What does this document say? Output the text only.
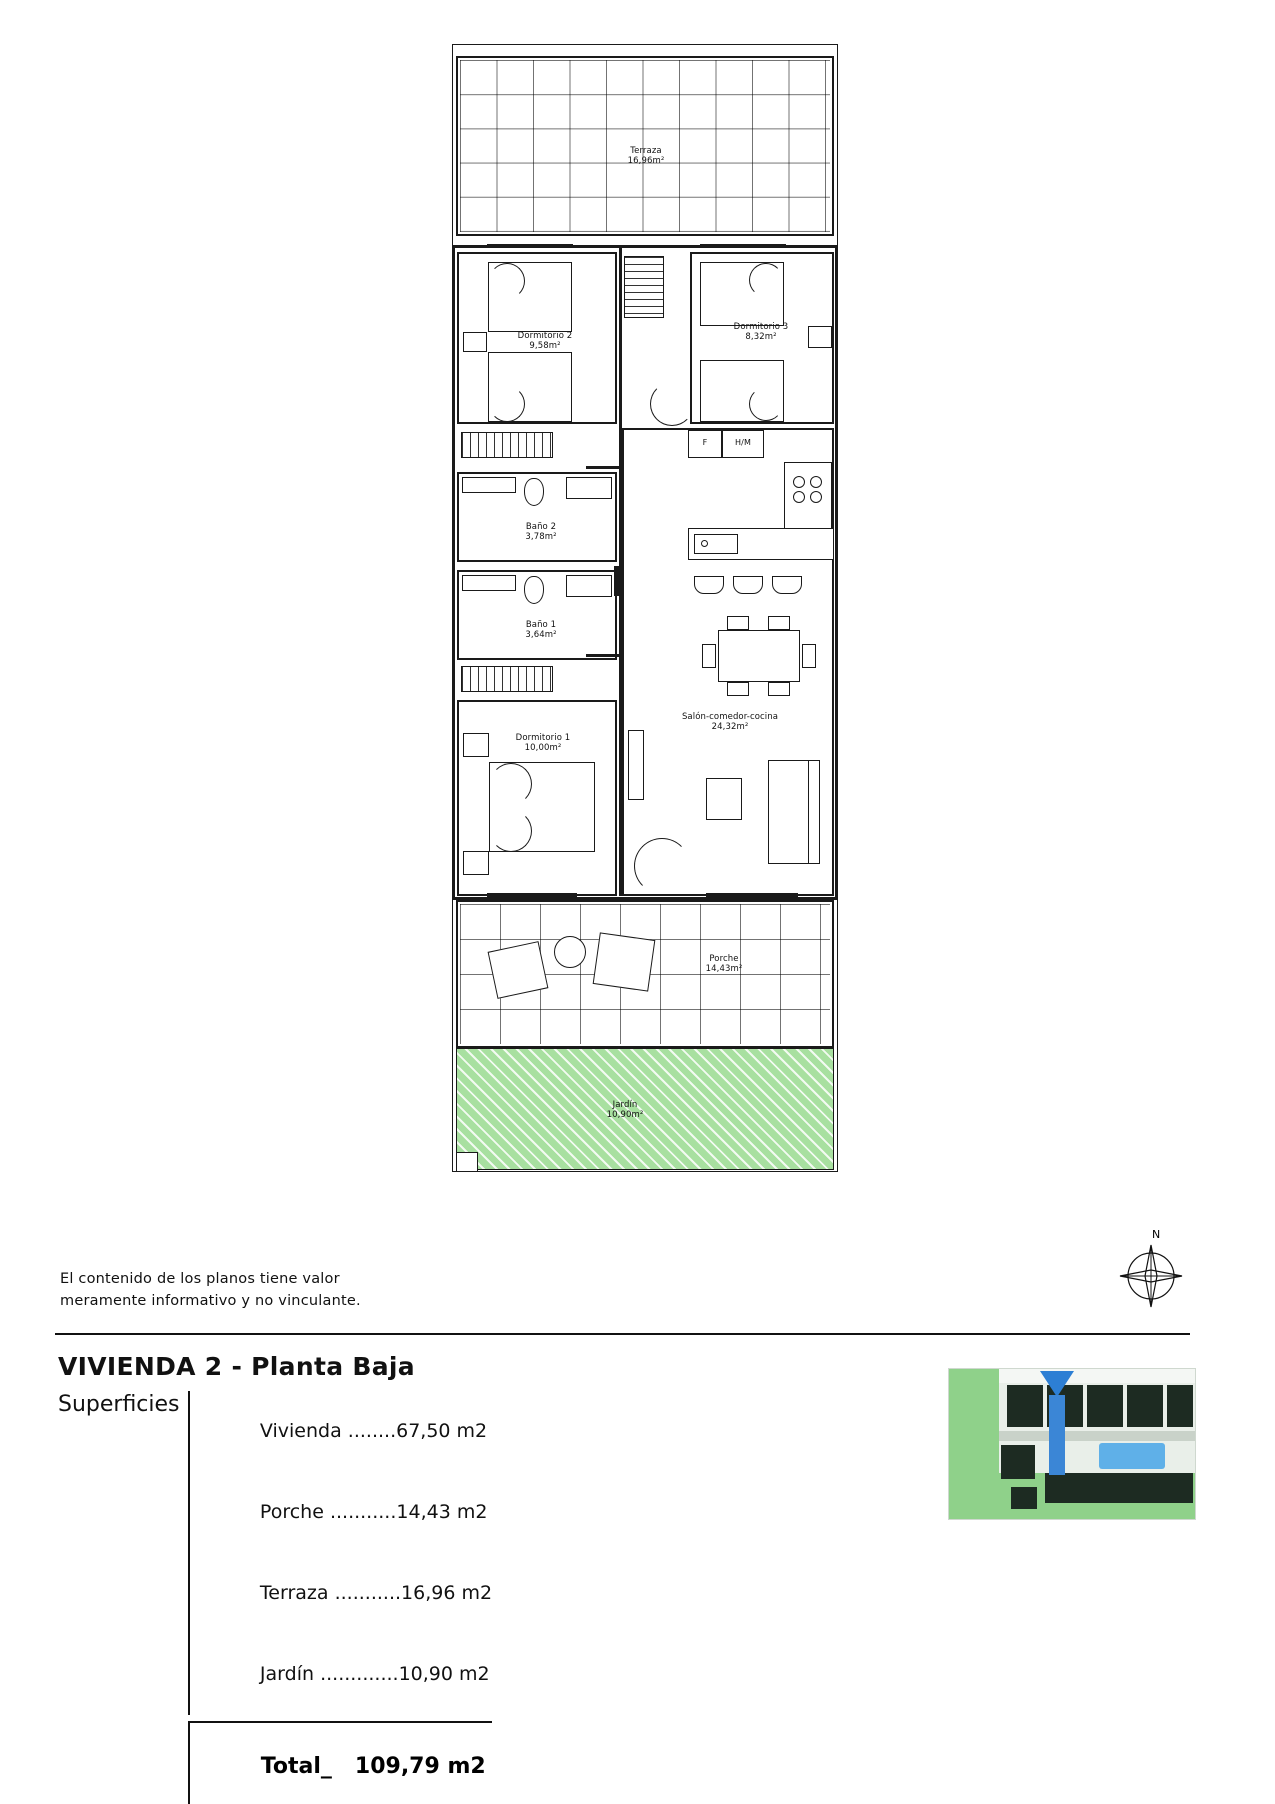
Terraza
16,96m²
Dormitorio 2
9,58m²
Dormitorio 3
8,32m²
Baño 2
3,78m²
Baño 1
3,64m²
Dormitorio 1
10,00m²
F	H/M
Salón-comedor-cocina
24,32m²
Porche
14,43m²
Jardín
10,90m²
N
El contenido de los planos tiene valor
meramente informativo y no vinculante.
VIVIENDA 2 - Planta Baja
Superficies

Vivienda ........67,50 m2

Porche ...........14,43 m2

Terraza ...........16,96 m2

Jardín .............10,90 m2

Total_ 109,79 m2
